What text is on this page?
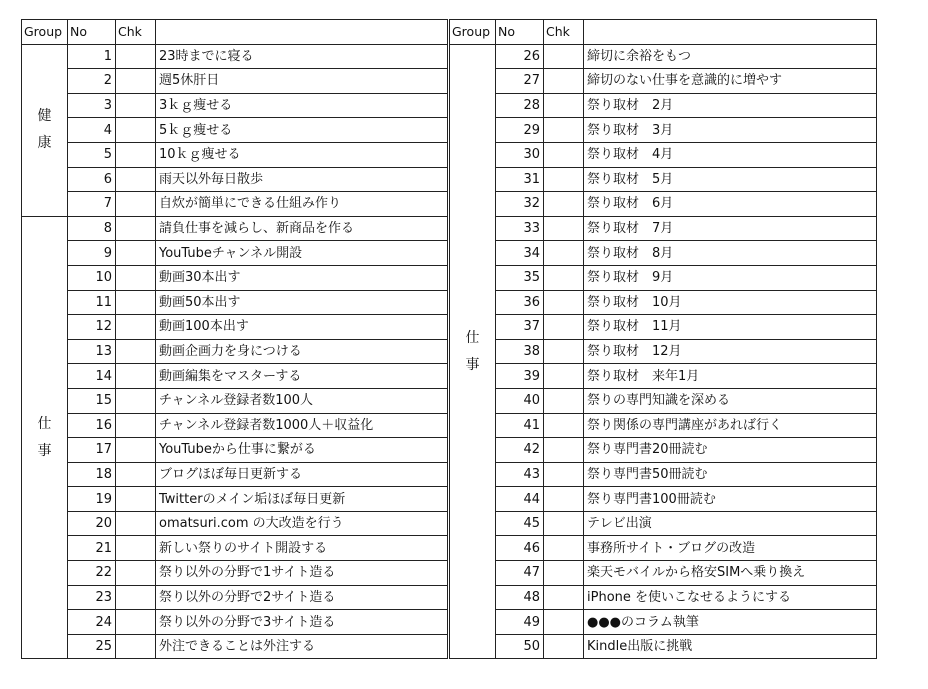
Group	No	Chk	

健
康	1		23時までに寝る
	2		週5休肝日
	3		3ｋｇ痩せる
	4		5ｋｇ痩せる
	5		10ｋｇ痩せる
	6		雨天以外毎日散歩
	7		自炊が簡単にできる仕組み作り

仕
事	8		請負仕事を減らし、新商品を作る
	9		YouTubeチャンネル開設
	10		動画30本出す
	11		動画50本出す
	12		動画100本出す
	13		動画企画力を身につける
	14		動画編集をマスターする
	15		チャンネル登録者数100人
	16		チャンネル登録者数1000人＋収益化
	17		YouTubeから仕事に繋がる
	18		ブログほぼ毎日更新する
	19		Twitterのメイン垢ほぼ毎日更新
	20		omatsuri.com の大改造を行う
	21		新しい祭りのサイト開設する
	22		祭り以外の分野で1サイト造る
	23		祭り以外の分野で2サイト造る
	24		祭り以外の分野で3サイト造る
	25		外注できることは外注する
Group	No	Chk	

仕
事	26		締切に余裕をもつ
	27		締切のない仕事を意識的に増やす
	28		祭り取材　2月
	29		祭り取材　3月
	30		祭り取材　4月
	31		祭り取材　5月
	32		祭り取材　6月
	33		祭り取材　7月
	34		祭り取材　8月
	35		祭り取材　9月
	36		祭り取材　10月
	37		祭り取材　11月
	38		祭り取材　12月
	39		祭り取材　来年1月
	40		祭りの専門知識を深める
	41		祭り関係の専門講座があれば行く
	42		祭り専門書20冊読む
	43		祭り専門書50冊読む
	44		祭り専門書100冊読む
	45		テレビ出演
	46		事務所サイト・ブログの改造
	47		楽天モバイルから格安SIMへ乗り換え
	48		iPhone を使いこなせるようにする
	49		●●●のコラム執筆
	50		Kindle出版に挑戦
